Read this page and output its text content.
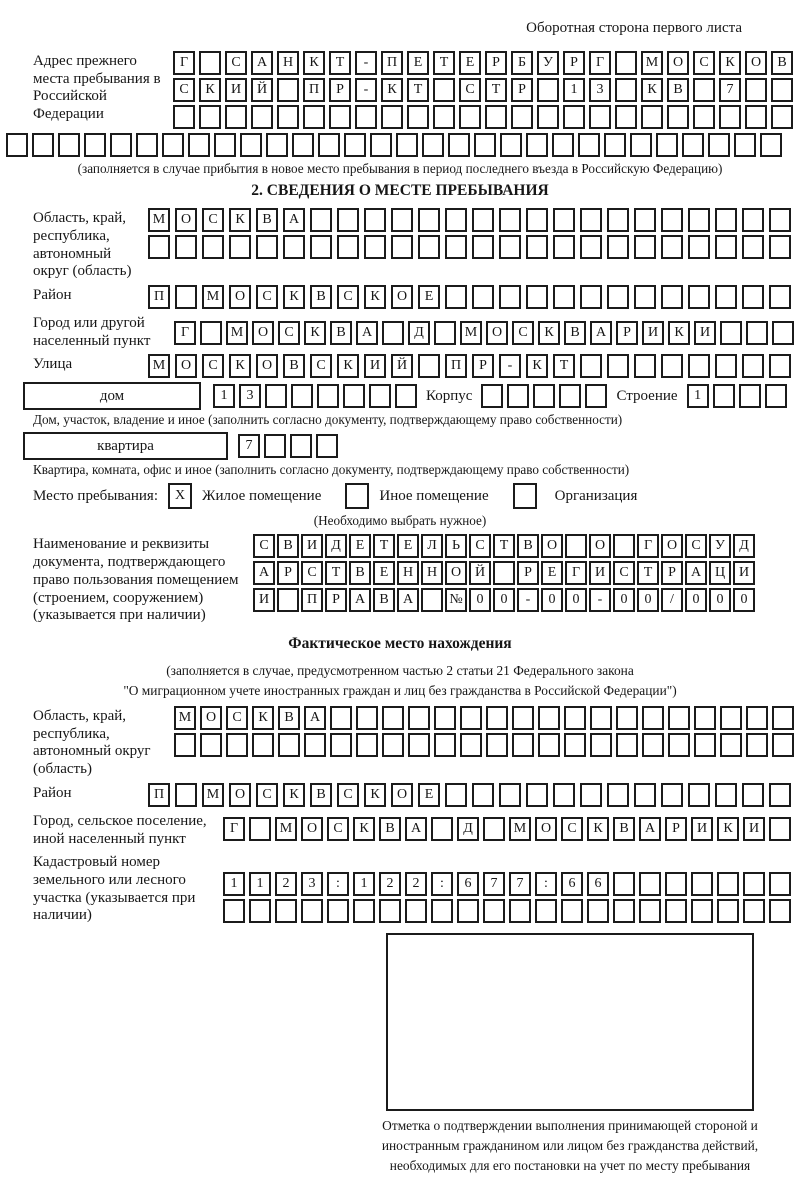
Оборотная сторона первого листа
Адрес прежнего места пребывания в Российской Федерации
Г	С	А	Н	К	Т	-	П	Е	Т	Е	Р	Б	У	Р	Г	М	О	С	К	О	В
С	К	И	Й	П	Р	-	К	Т	С	Т	Р	1	3	К	В	7
(заполняется в случае прибытия в новое место пребывания в период последнего въезда в Российскую Федерацию)
2. СВЕДЕНИЯ О МЕСТЕ ПРЕБЫВАНИЯ
Область, край, республика, автономный округ (область)
М	О	С	К	В	А
Район	П	М	О	С	К	В	С	К	О	Е
Город или другой населенный пункт
Г	М	О	С	К	В	А	Д	М	О	С	К	В	А	Р	И	К	И
Улица	М	О	С	К	О	В	С	К	И	Й	П	Р	-	К	Т
дом	1	3	Корпус	Строение	1
Дом, участок, владение и иное (заполнить согласно документу, подтверждающему право собственности)
квартира	7
Квартира, комната, офис и иное (заполнить согласно документу, подтверждающему право собственности)
Место пребывания:	X	Жилое помещение	Иное помещение	Организация
(Необходимо выбрать нужное)
Наименование и реквизиты документа, подтверждающего право пользования помещением (строением, сооружением) (указывается при наличии)
С	В	И	Д	Е	Т	Е	Л	Ь	С	Т	В	О	О	Г	О	С	У	Д
А	Р	С	Т	В	Е	Н Н О Й	Р	Е	Г	И	С	Т	Р	А Ц И
И	П	Р	А	В	А	№ 0	0	-	0	0	-	0	0	/	0	0	0
Фактическое место нахождения
(заполняется в случае, предусмотренном частью 2 статьи 21 Федерального закона
"О миграционном учете иностранных граждан и лиц без гражданства в Российской Федерации")
Область, край, республика, автономный округ (область)
М	О	С	К	В	А
Район	П	М	О	С	К	В	С	К	О	Е
Город, сельское поселение, иной населенный пункт
Г	М	О	С	К	В	А	Д	М	О	С	К	В	А	Р	И	К	И
Кадастровый номер земельного или лесного участка (указывается при наличии)
1	1	2	3	:	1	2	2	:	6	7	7	:	6	6
Отметка о подтверждении выполнения принимающей стороной и иностранным гражданином или лицом без гражданства действий, необходимых для его постановки на учет по месту пребывания
